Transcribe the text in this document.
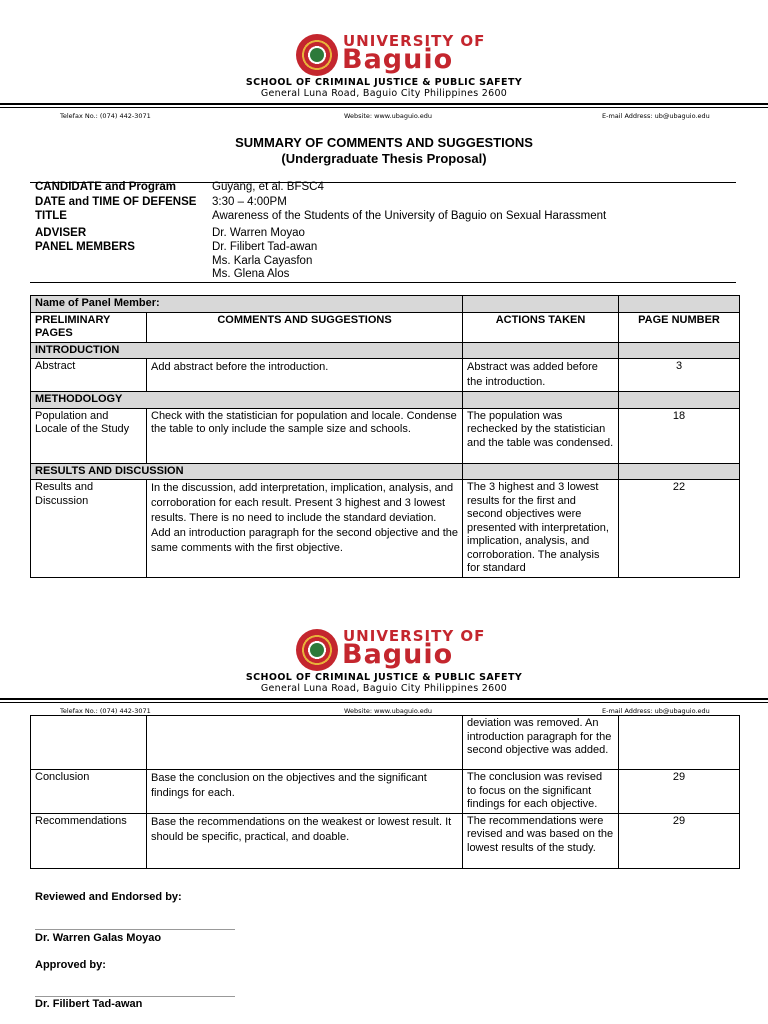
UNIVERSITY OF
Baguio
SCHOOL OF CRIMINAL JUSTICE & PUBLIC SAFETY
General Luna Road, Baguio City Philippines 2600
Telefax No.: (074) 442-3071	Website: www.ubaguio.edu	E-mail Address: ub@ubaguio.edu
SUMMARY OF COMMENTS AND SUGGESTIONS
(Undergraduate Thesis Proposal)
CANDIDATE and Program	Guyang, et al. BFSC4
DATE and TIME OF DEFENSE 3:30 – 4:00PM
TITLE	Awareness of the Students of the University of Baguio on Sexual Harassment
ADVISER	Dr. Warren Moyao
PANEL MEMBERS	Dr. Filibert Tad-awan
Ms. Karla Cayasfon
Ms. Glena Alos
Name of Panel Member:			
PRELIMINARY PAGES	COMMENTS AND SUGGESTIONS	ACTIONS TAKEN	PAGE NUMBER
INTRODUCTION			
Abstract	Add abstract before the introduction.	Abstract was added before the introduction.	3
METHODOLOGY			
Population and Locale of the Study	Check with the statistician for population and locale. Condense the table to only include the sample size and schools.	The population was rechecked by the statistician and the table was condensed.	18
RESULTS AND DISCUSSION			
Results and Discussion	In the discussion, add interpretation, implication, analysis, and corroboration for each result. Present 3 highest and 3 lowest results. There is no need to include the standard deviation.
Add an introduction paragraph for the second objective and the same comments with the first objective.	The 3 highest and 3 lowest results for the first and second objectives were presented with interpretation, implication, analysis, and corroboration. The analysis for standard	22
UNIVERSITY OF
Baguio
SCHOOL OF CRIMINAL JUSTICE & PUBLIC SAFETY
General Luna Road, Baguio City Philippines 2600
Telefax No.: (074) 442-3071	Website: www.ubaguio.edu	E-mail Address: ub@ubaguio.edu
		deviation was removed. An introduction paragraph for the second objective was added.	
Conclusion	Base the conclusion on the objectives and the significant findings for each.	The conclusion was revised to focus on the significant findings for each objective.	29
Recommendations	Base the recommendations on the weakest or lowest result. It should be specific, practical, and doable.	The recommendations were revised and was based on the lowest results of the study.	29
Reviewed and Endorsed by:
Dr. Warren Galas Moyao
Approved by:
Dr. Filibert Tad-awan
